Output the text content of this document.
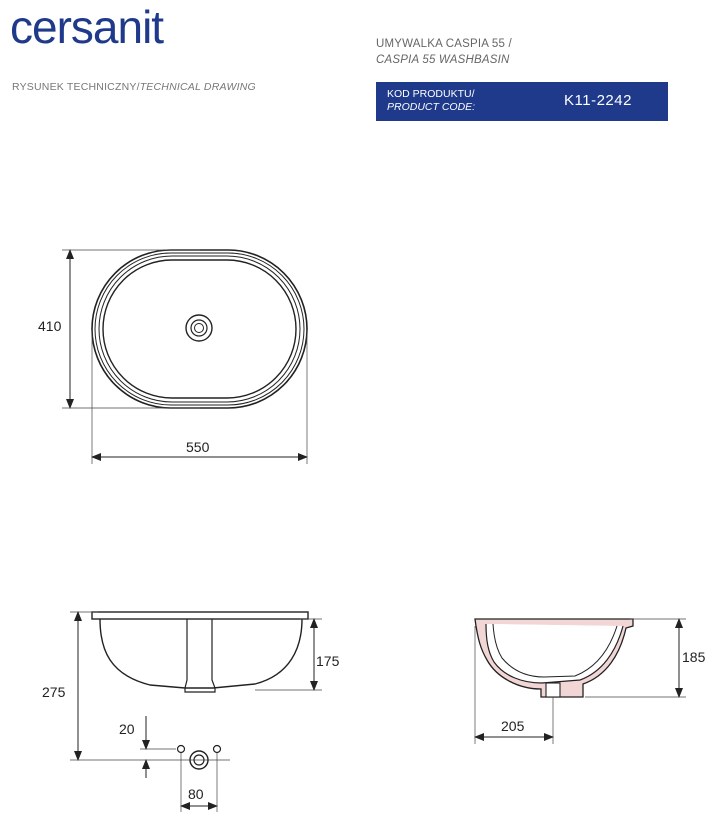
cersanit
RYSUNEK TECHNICZNY/TECHNICAL DRAWING
UMYWALKA CASPIA 55 /
CASPIA 55 WASHBASIN
KOD PRODUKTU/
PRODUCT CODE:	K11-2242
410
550
175
275
20
80
185
205
